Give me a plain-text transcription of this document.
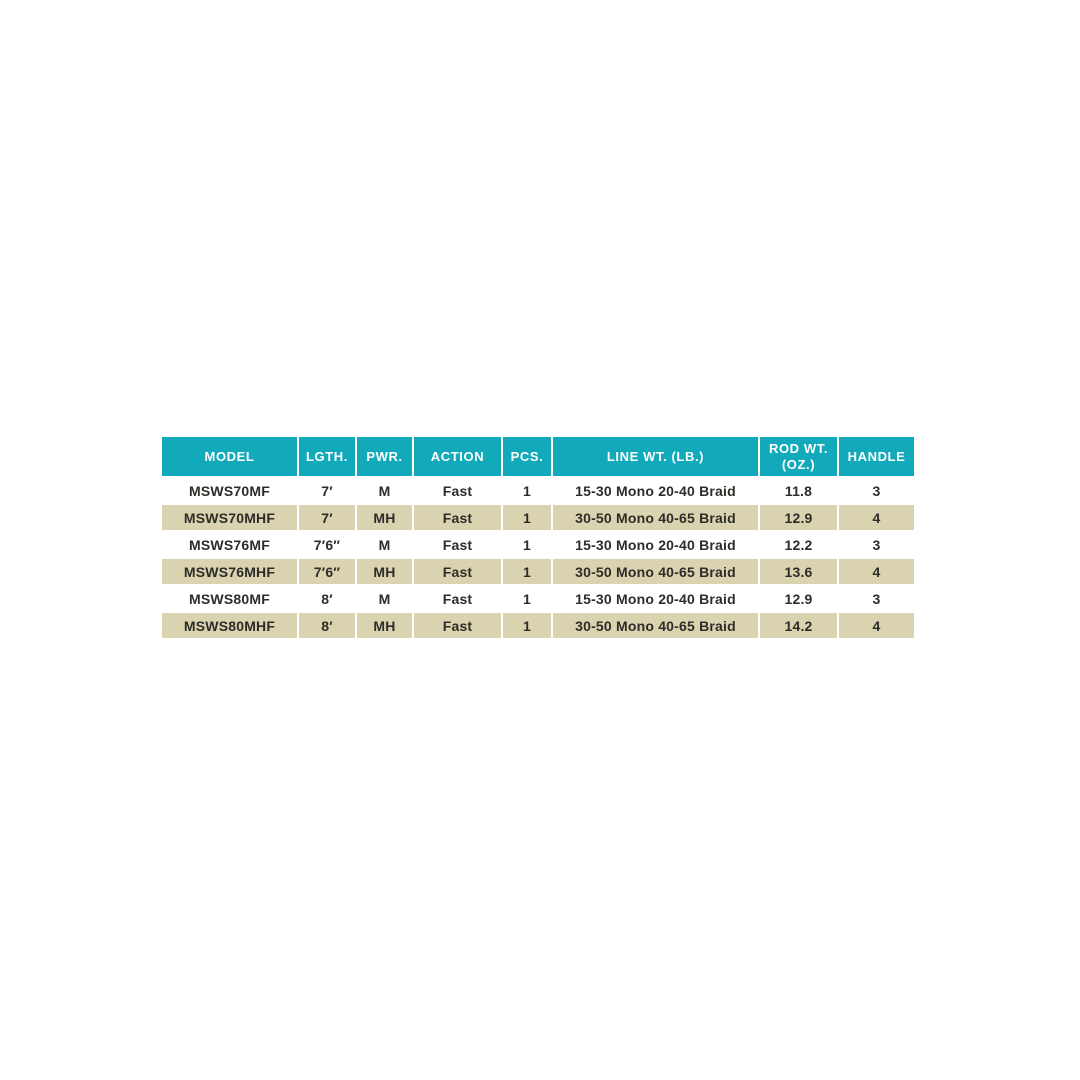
MODEL	LGTH.	PWR.	ACTION	PCS.	LINE WT. (LB.)	ROD WT. (OZ.)	HANDLE
MSWS70MF	7′	M	Fast	1	15-30 Mono 20-40 Braid	11.8	3
MSWS70MHF	7′	MH	Fast	1	30-50 Mono 40-65 Braid	12.9	4
MSWS76MF	7′6″	M	Fast	1	15-30 Mono 20-40 Braid	12.2	3
MSWS76MHF	7′6″	MH	Fast	1	30-50 Mono 40-65 Braid	13.6	4
MSWS80MF	8′	M	Fast	1	15-30 Mono 20-40 Braid	12.9	3
MSWS80MHF	8′	MH	Fast	1	30-50 Mono 40-65 Braid	14.2	4
